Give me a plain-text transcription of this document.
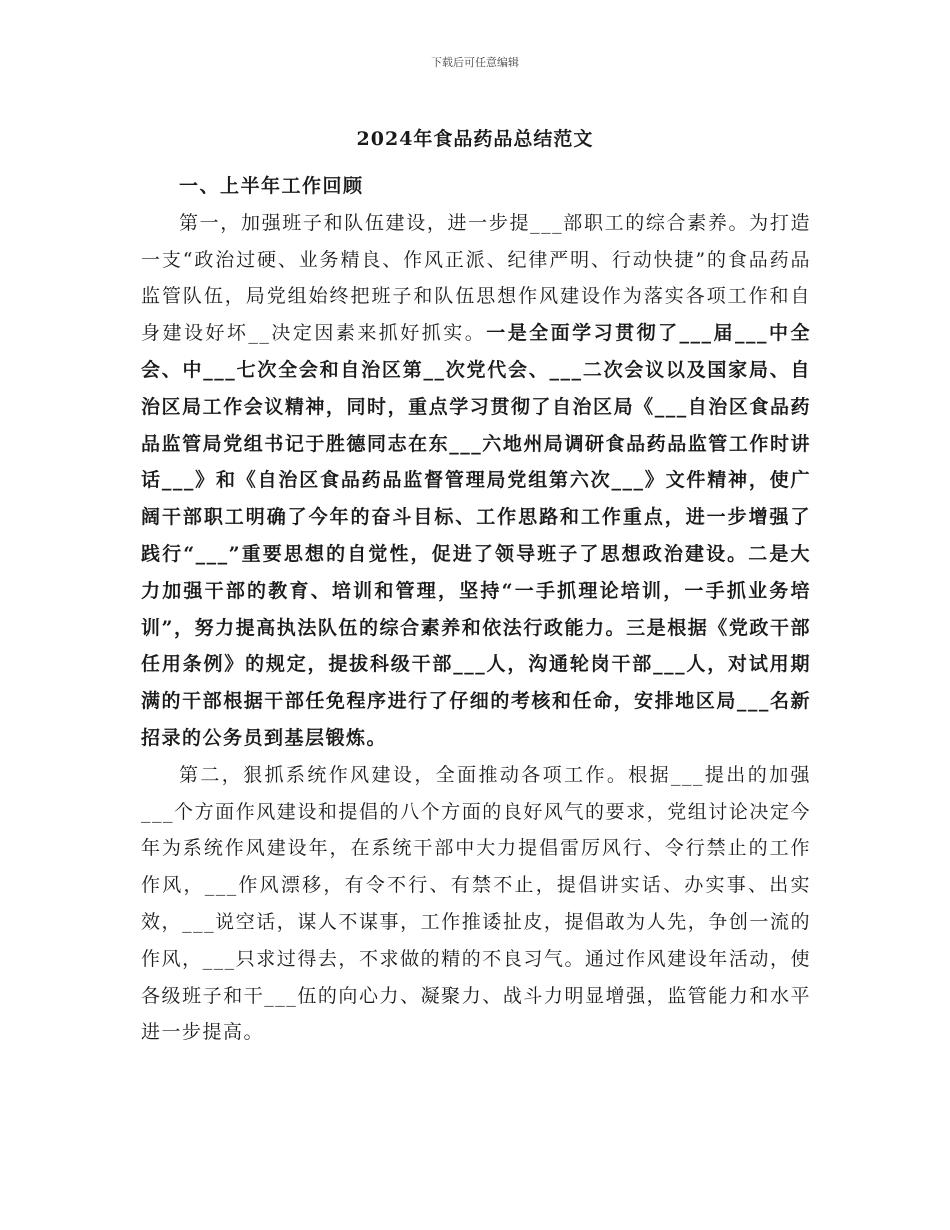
下载后可任意编辑
2024年食品药品总结范文

一、上半年工作回顾

第一，加强班子和队伍建设，进一步提___部职工的综合素养。为打造一支“政治过硬、业务精良、作风正派、纪律严明、行动快捷”的食品药品监管队伍，局党组始终把班子和队伍思想作风建设作为落实各项工作和自身建设好坏__决定因素来抓好抓实。一是全面学习贯彻了___届___中全会、中___七次全会和自治区第__次党代会、___二次会议以及国家局、自治区局工作会议精神，同时，重点学习贯彻了自治区局《___自治区食品药品监管局党组书记于胜德同志在东___六地州局调研食品药品监管工作时讲话___》和《自治区食品药品监督管理局党组第六次___》文件精神，使广阔干部职工明确了今年的奋斗目标、工作思路和工作重点，进一步增强了践行“___”重要思想的自觉性，促进了领导班子了思想政治建设。二是大力加强干部的教育、培训和管理，坚持“一手抓理论培训，一手抓业务培训”，努力提高执法队伍的综合素养和依法行政能力。三是根据《党政干部任用条例》的规定，提拔科级干部___人，沟通轮岗干部___人，对试用期满的干部根据干部任免程序进行了仔细的考核和任命，安排地区局___名新招录的公务员到基层锻炼。

第二，狠抓系统作风建设，全面推动各项工作。根据___提出的加强___个方面作风建设和提倡的八个方面的良好风气的要求，党组讨论决定今年为系统作风建设年，在系统干部中大力提倡雷厉风行、令行禁止的工作作风，___作风漂移，有令不行、有禁不止，提倡讲实话、办实事、出实效，___说空话，谋人不谋事，工作推诿扯皮，提倡敢为人先，争创一流的作风，___只求过得去，不求做的精的不良习气。通过作风建设年活动，使各级班子和干___伍的向心力、凝聚力、战斗力明显增强，监管能力和水平进一步提高。
